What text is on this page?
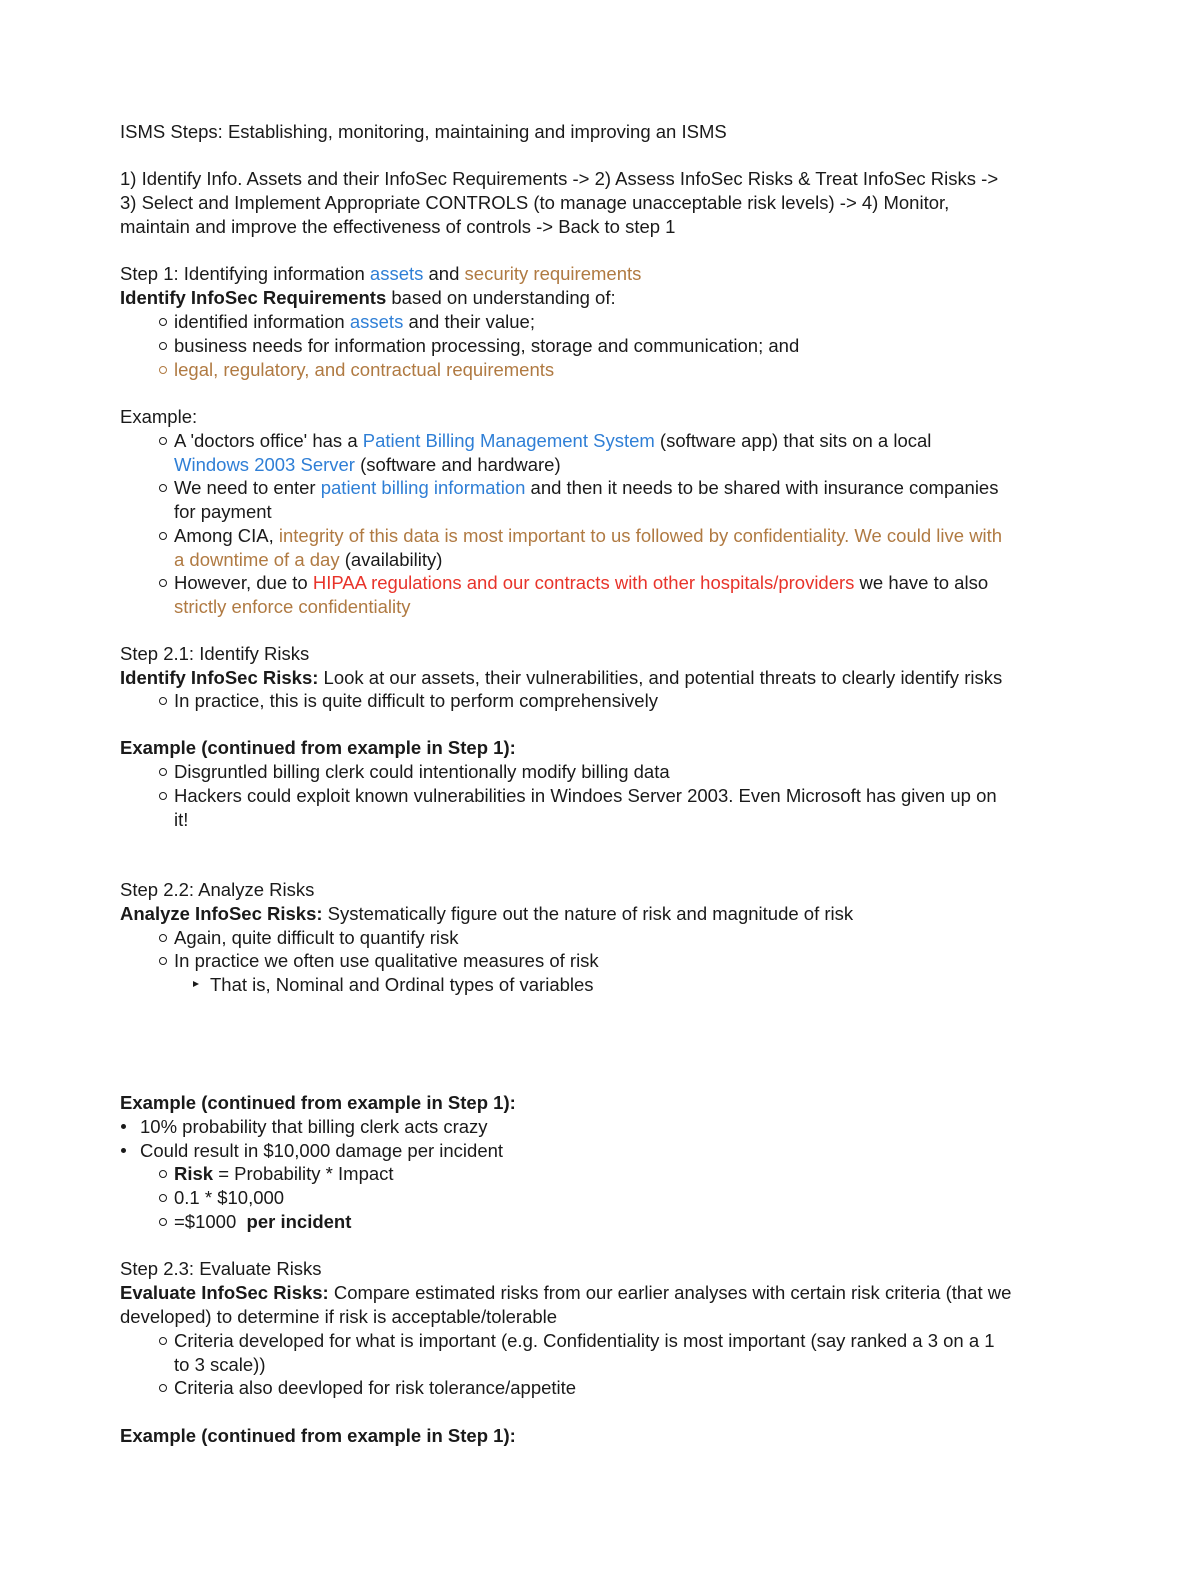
ISMS Steps: Establishing, monitoring, maintaining and improving an ISMS
1) Identify Info. Assets and their InfoSec Requirements -> 2) Assess InfoSec Risks & Treat InfoSec Risks ->
3) Select and Implement Appropriate CONTROLS (to manage unacceptable risk levels) -> 4) Monitor,
maintain and improve the effectiveness of controls -> Back to step 1
Step 1: Identifying information assets and security requirements
Identify InfoSec Requirements based on understanding of:
identified information assets and their value;
business needs for information processing, storage and communication; and
legal, regulatory, and contractual requirements
Example:
A 'doctors office' has a Patient Billing Management System (software app) that sits on a local
Windows 2003 Server (software and hardware)
We need to enter patient billing information and then it needs to be shared with insurance companies
for payment
Among CIA, integrity of this data is most important to us followed by confidentiality. We could live with
a downtime of a day (availability)
However, due to HIPAA regulations and our contracts with other hospitals/providers we have to also
strictly enforce confidentiality
Step 2.1: Identify Risks
Identify InfoSec Risks: Look at our assets, their vulnerabilities, and potential threats to clearly identify risks
In practice, this is quite difficult to perform comprehensively
Example (continued from example in Step 1):
Disgruntled billing clerk could intentionally modify billing data
Hackers could exploit known vulnerabilities in Windoes Server 2003. Even Microsoft has given up on
it!
Step 2.2: Analyze Risks
Analyze InfoSec Risks: Systematically figure out the nature of risk and magnitude of risk
Again, quite difficult to quantify risk
In practice we often use qualitative measures of risk
That is, Nominal and Ordinal types of variables
Example (continued from example in Step 1):
10% probability that billing clerk acts crazy
Could result in $10,000 damage per incident
Risk = Probability * Impact
0.1 * $10,000
=$1000  per incident
Step 2.3: Evaluate Risks
Evaluate InfoSec Risks: Compare estimated risks from our earlier analyses with certain risk criteria (that we
developed) to determine if risk is acceptable/tolerable
Criteria developed for what is important (e.g. Confidentiality is most important (say ranked a 3 on a 1
to 3 scale))
Criteria also deevloped for risk tolerance/appetite
Example (continued from example in Step 1):
